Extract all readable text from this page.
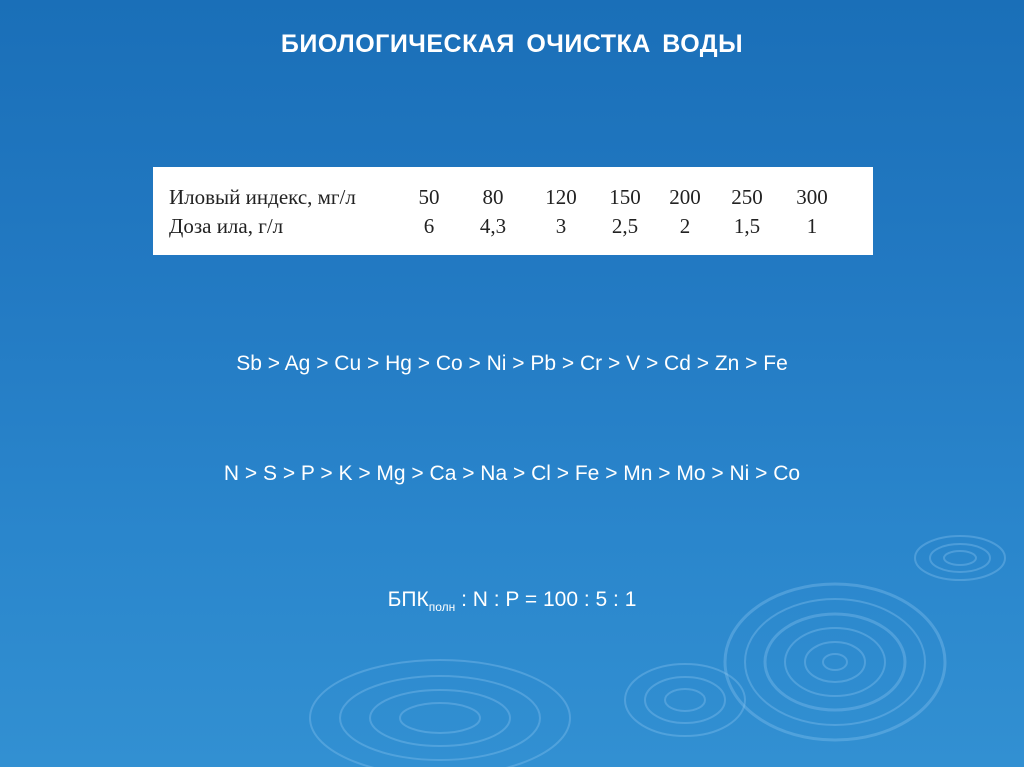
БИОЛОГИЧЕСКАЯ ОЧИСТКА ВОДЫ
Иловый индекс, мг/л	50	80	120	150	200	250	300
Доза ила, г/л	6	4,3	3	2,5	2	1,5	1
Sb > Ag > Cu > Hg > Co > Ni > Pb > Cr > V > Cd > Zn > Fe
N > S > P > K > Mg > Ca > Na > Cl > Fe > Mn > Mo > Ni > Co
$БПК_{полн}$ : N : P = 100 : 5 : 1
